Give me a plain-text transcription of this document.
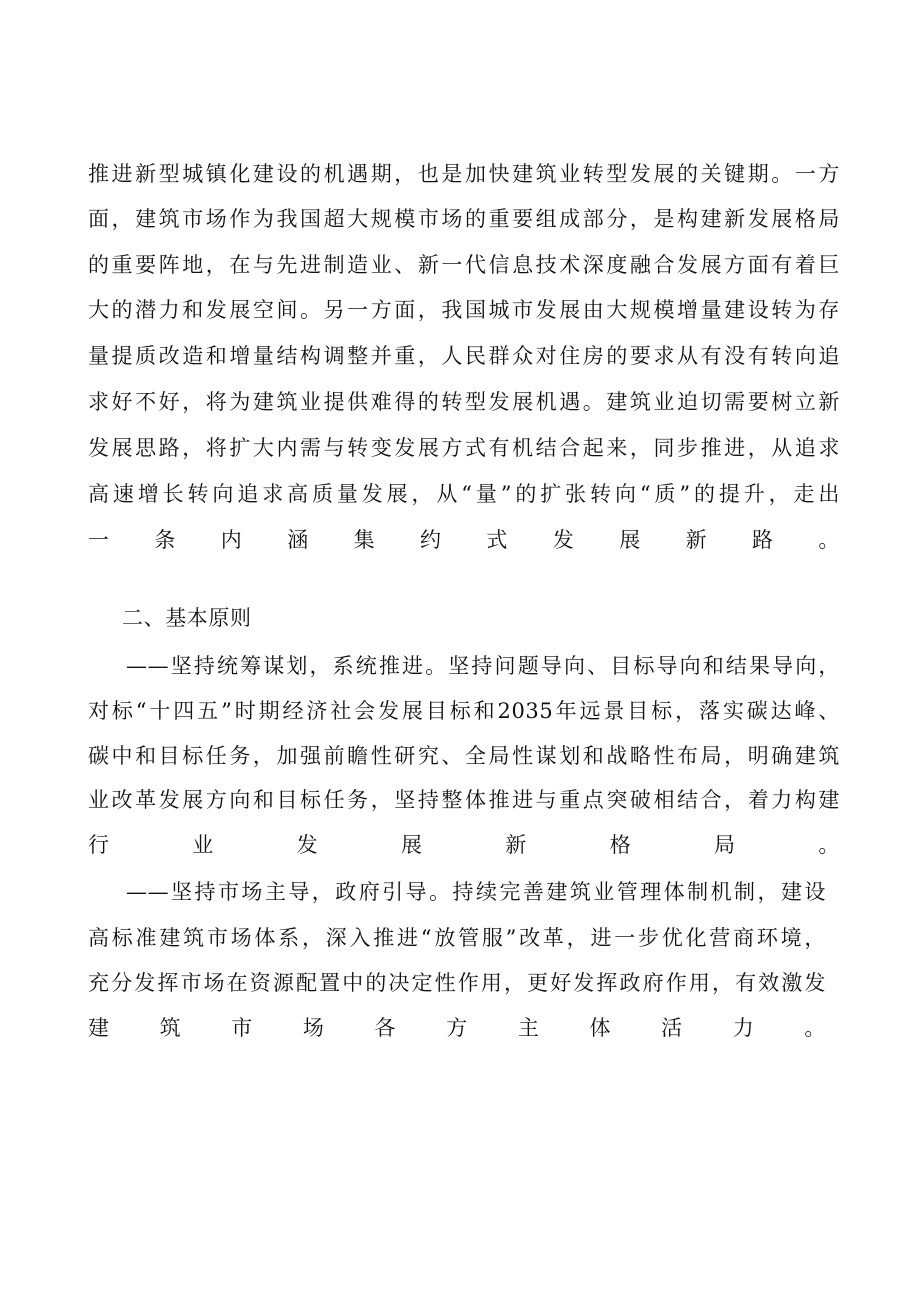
推进新型城镇化建设的机遇期，也是加快建筑业转型发展的关键期。一方
面，建筑市场作为我国超大规模市场的重要组成部分，是构建新发展格局
的重要阵地，在与先进制造业、新一代信息技术深度融合发展方面有着巨
大的潜力和发展空间。另一方面，我国城市发展由大规模增量建设转为存
量提质改造和增量结构调整并重，人民群众对住房的要求从有没有转向追
求好不好，将为建筑业提供难得的转型发展机遇。建筑业迫切需要树立新
发展思路，将扩大内需与转变发展方式有机结合起来，同步推进，从追求
高速增长转向追求高质量发展，从“量”的扩张转向“质”的提升，走出
一条内涵集约式发展新路。
二、基本原则
——坚持统筹谋划，系统推进。坚持问题导向、目标导向和结果导向，
对标“十四五”时期经济社会发展目标和2035年远景目标，落实碳达峰、
碳中和目标任务，加强前瞻性研究、全局性谋划和战略性布局，明确建筑
业改革发展方向和目标任务，坚持整体推进与重点突破相结合，着力构建
行业发展新格局。
——坚持市场主导，政府引导。持续完善建筑业管理体制机制，建设
高标准建筑市场体系，深入推进“放管服”改革，进一步优化营商环境，
充分发挥市场在资源配置中的决定性作用，更好发挥政府作用，有效激发
建筑市场各方主体活力。
